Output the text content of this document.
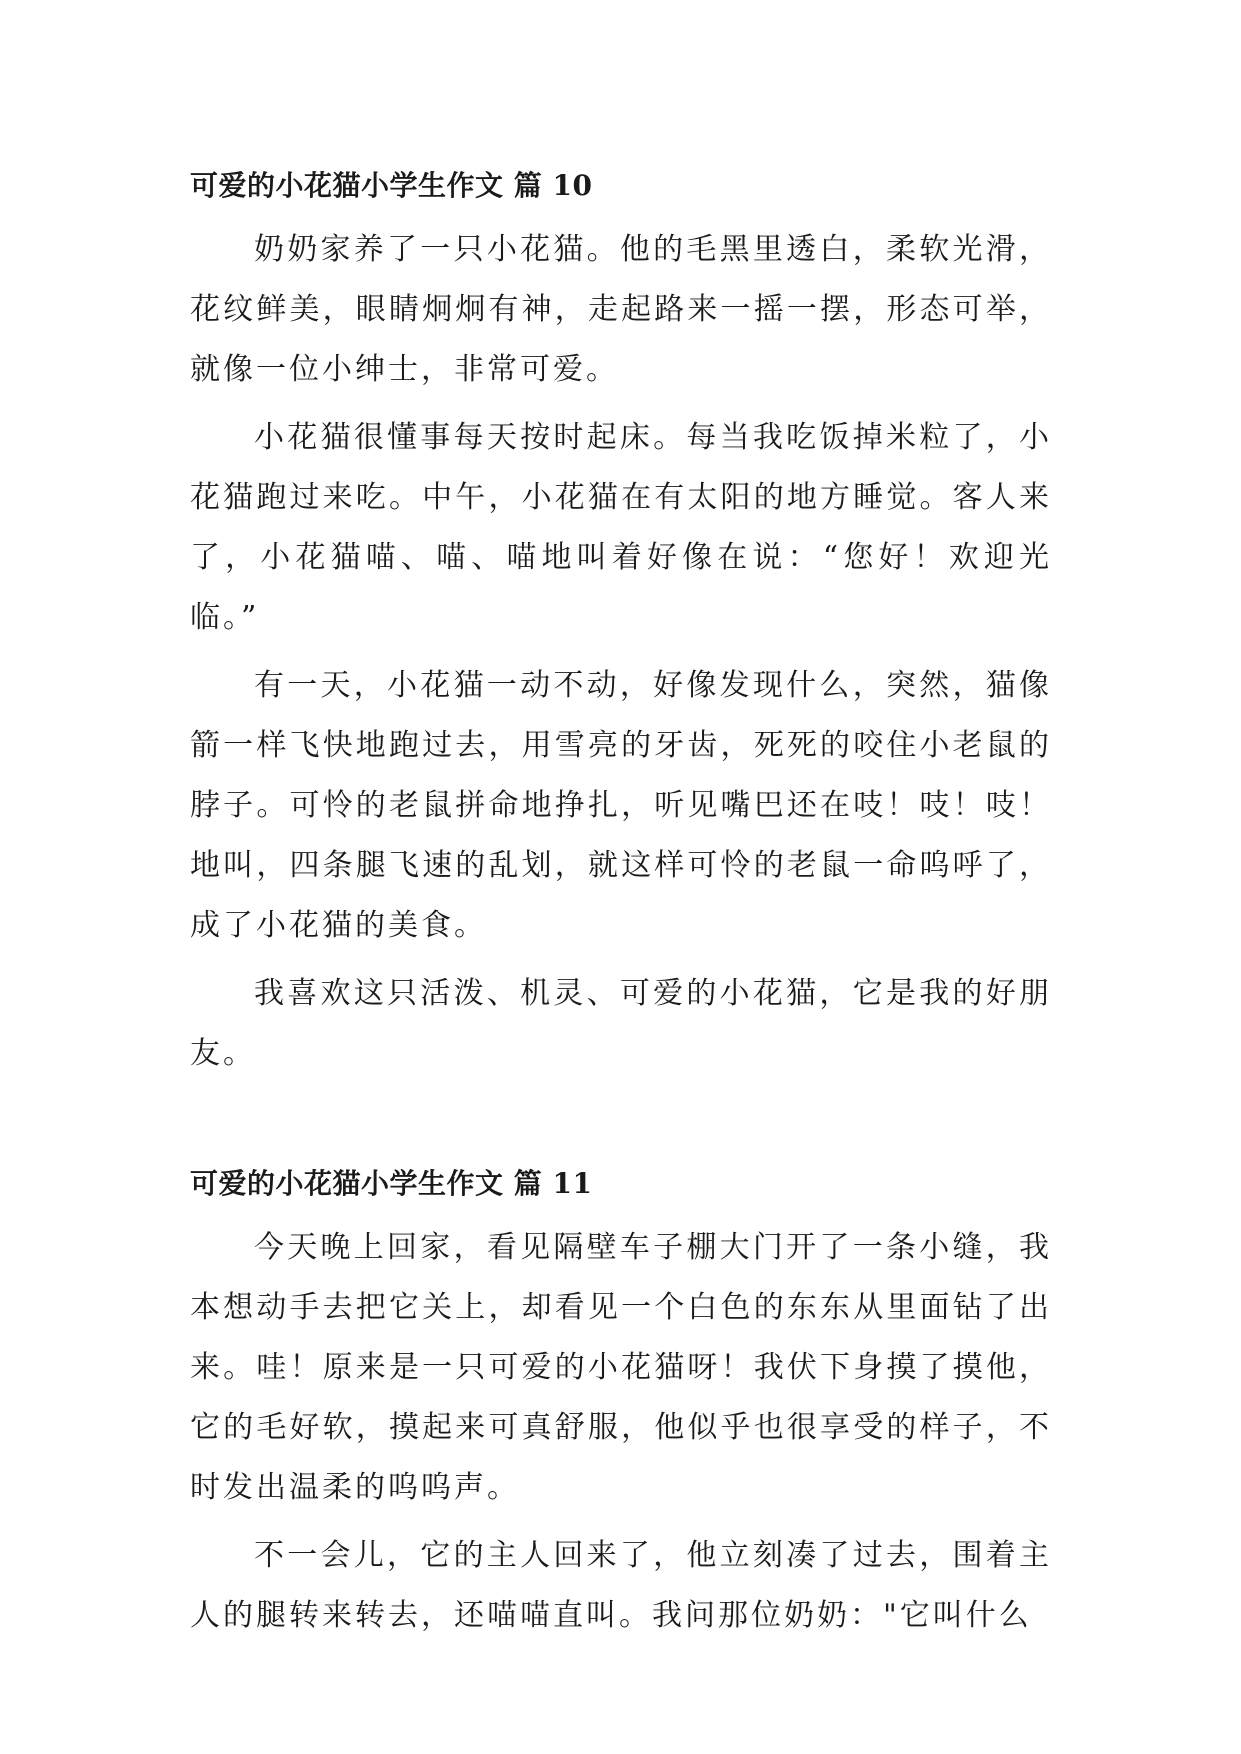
可爱的小花猫小学生作文 篇 10

奶奶家养了一只小花猫。他的毛黑里透白，柔软光滑，花纹鲜美，眼睛炯炯有神，走起路来一摇一摆，形态可举，就像一位小绅士，非常可爱。

小花猫很懂事每天按时起床。每当我吃饭掉米粒了，小花猫跑过来吃。中午，小花猫在有太阳的地方睡觉。客人来了，小花猫喵、喵、喵地叫着好像在说：“您好！欢迎光临。”

有一天，小花猫一动不动，好像发现什么，突然，猫像箭一样飞快地跑过去，用雪亮的牙齿，死死的咬住小老鼠的脖子。可怜的老鼠拼命地挣扎，听见嘴巴还在吱！吱！吱！地叫，四条腿飞速的乱划，就这样可怜的老鼠一命呜呼了，成了小花猫的美食。

我喜欢这只活泼、机灵、可爱的小花猫，它是我的好朋友。

可爱的小花猫小学生作文 篇 11

今天晚上回家，看见隔壁车子棚大门开了一条小缝，我本想动手去把它关上，却看见一个白色的东东从里面钻了出来。哇！原来是一只可爱的小花猫呀！我伏下身摸了摸他，它的毛好软，摸起来可真舒服，他似乎也很享受的样子，不时发出温柔的呜呜声。

不一会儿，它的主人回来了，他立刻凑了过去，围着主人的腿转来转去，还喵喵直叫。我问那位奶奶："它叫什么
